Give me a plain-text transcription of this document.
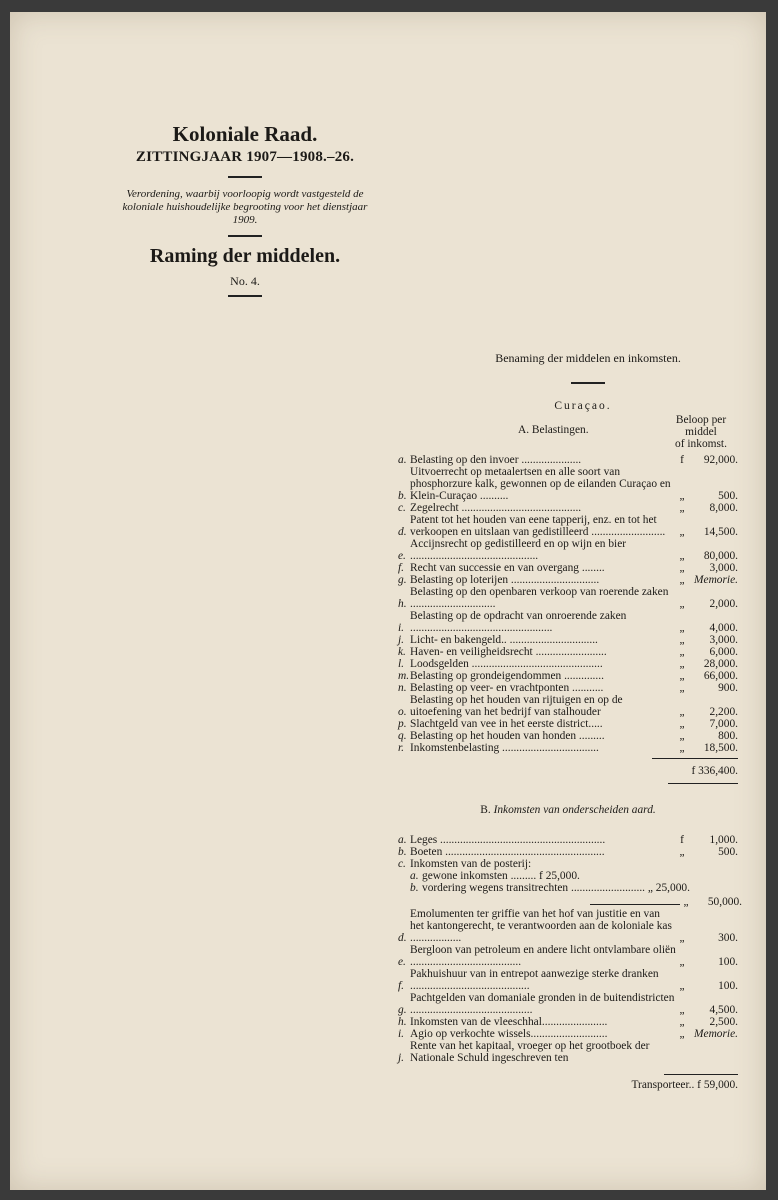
Koloniale Raad.

ZITTINGJAAR 1907—1908.–26.

Verordening, waarbij voorloopig wordt vastgesteld de koloniale huishoudelijke begrooting voor het dienstjaar 1909.

Raming der middelen.

No. 4.

Benaming der middelen en inkomsten.
Curaçao.
A. Belastingen.
Beloop per
middel
of inkomst.
a. Belasting op den invoer .....................	f	92,000.
b.
Uitvoerrecht op metaalertsen en alle soort van phosphorzure kalk, gewonnen op de eilanden Curaçao en Klein-Curaçao ..........	„	500.
c. Zegelrecht ..........................................	„	8,000.
d.
Patent tot het houden van eene tapperij, enz. en tot het verkoopen en uitslaan van gedistilleerd ..........................	„	14,500.
e.
Accijnsrecht op gedistilleerd en op wijn en bier .............................................	„	80,000.
f. Recht van successie en van overgang ........	„	3,000.
g. Belasting op loterijen ...............................	„ Memorie.
h.
Belasting op den openbaren verkoop van roerende zaken ..............................	„	2,000.
i.
Belasting op de opdracht van onroerende zaken ..................................................	„	4,000.
j. Licht- en bakengeld.. ...............................	„	3,000.
k. Haven- en veiligheidsrecht .........................	„	6,000.
l. Loodsgelden ..............................................	„	28,000.
m. Belasting op grondeigendommen ..............	„	66,000.
n. Belasting op veer- en vrachtponten ...........	„	900.
o.
Belasting op het houden van rijtuigen en op de uitoefening van het bedrijf van stalhouder	„	2,200.
p. Slachtgeld van vee in het eerste district.....	„	7,000.
q. Belasting op het houden van honden .........	„	800.
r. Inkomstenbelasting ..................................	„	18,500.
f 336,400.
B. Inkomsten van onderscheiden aard.
a. Leges ..........................................................	f	1,000.
b. Boeten ........................................................	„	500.
c. Inkomsten van de posterij:
a. gewone inkomsten ......... f 25,000.
b. vordering wegens transitrechten .......................... „ 25,000.
„	50,000.
d.
Emolumenten ter griffie van het hof van justitie en van het kantongerecht, te verantwoorden aan de koloniale kas ..................	„	300.
e.
Bergloon van petroleum en andere licht ontvlambare oliën .......................................	„	100.
f.
Pakhuishuur van in entrepot aanwezige sterke dranken ..........................................	„	100.
g.
Pachtgelden van domaniale gronden in de buitendistricten ...........................................	„	4,500.
h. Inkomsten van de vleeschhal.......................	„	2,500.
i. Agio op verkochte wissels...........................	„ Memorie.
j.
Rente van het kapitaal, vroeger op het grootboek der Nationale Schuld ingeschreven ten
Transporteer.. f 59,000.
